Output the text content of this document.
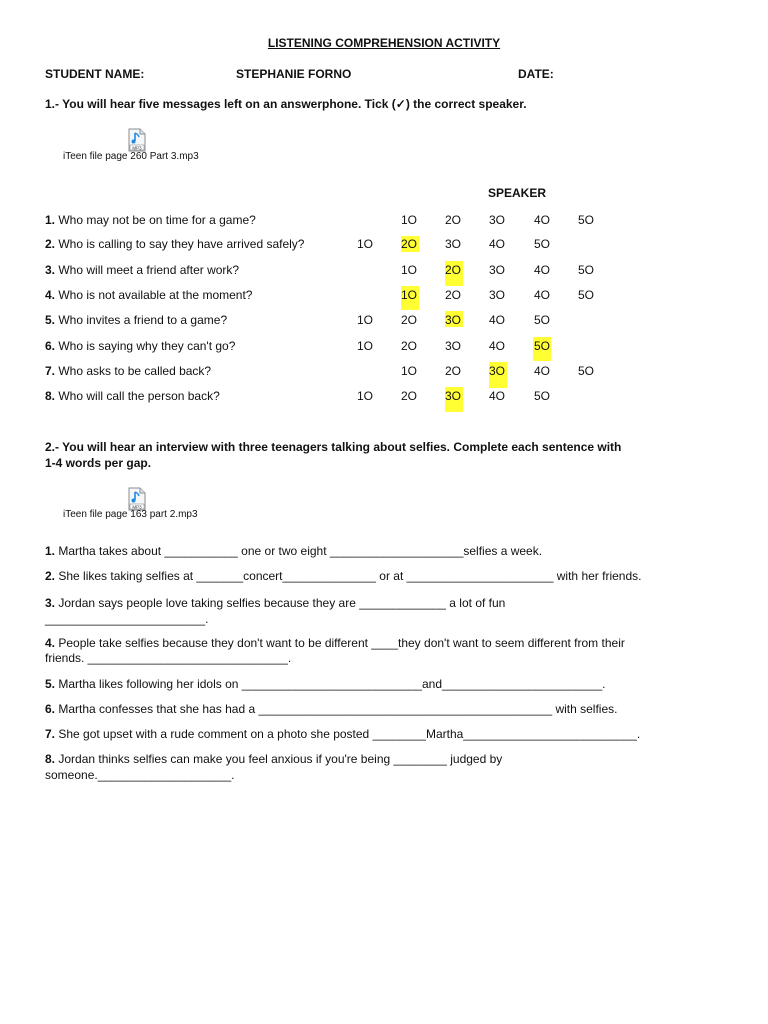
LISTENING COMPREHENSION ACTIVITY
STUDENT NAME:	STEPHANIE FORNO	DATE:
1.- You will hear five messages left on an answerphone. Tick (✓) the correct speaker.
MP3
iTeen file page 260 Part 3.mp3
SPEAKER
1. Who may not be on time for a game?	1O 2O 3O 4O 5O
2. Who is calling to say they have arrived safely?	1O 2O 3O 4O 5O
3. Who will meet a friend after work?	1O 2O 3O 4O 5O
4. Who is not available at the moment?	1O 2O 3O 4O 5O
5. Who invites a friend to a game?	1O 2O 3O 4O 5O
6. Who is saying why they can't go?	1O 2O 3O 4O 5O
7. Who asks to be called back?	1O 2O 3O 4O 5O
8. Who will call the person back?	1O 2O 3O 4O 5O
2.- You will hear an interview with three teenagers talking about selfies. Complete each sentence with
1-4 words per gap.
MP3
iTeen file page 163 part 2.mp3
1. Martha takes about ___________ one or two eight ____________________selfies a week.
2. She likes taking selfies at _______concert______________ or at ______________________ with her friends.
3. Jordan says people love taking selfies because they are _____________ a lot of fun
________________________.
4. People take selfies because they don't want to be different ____they don't want to seem different from their
friends. ______________________________.
5. Martha likes following her idols on ___________________________and________________________.
6. Martha confesses that she has had a ____________________________________________ with selfies.
7. She got upset with a rude comment on a photo she posted ________Martha__________________________.
8. Jordan thinks selfies can make you feel anxious if you're being ________ judged by
someone.____________________.
